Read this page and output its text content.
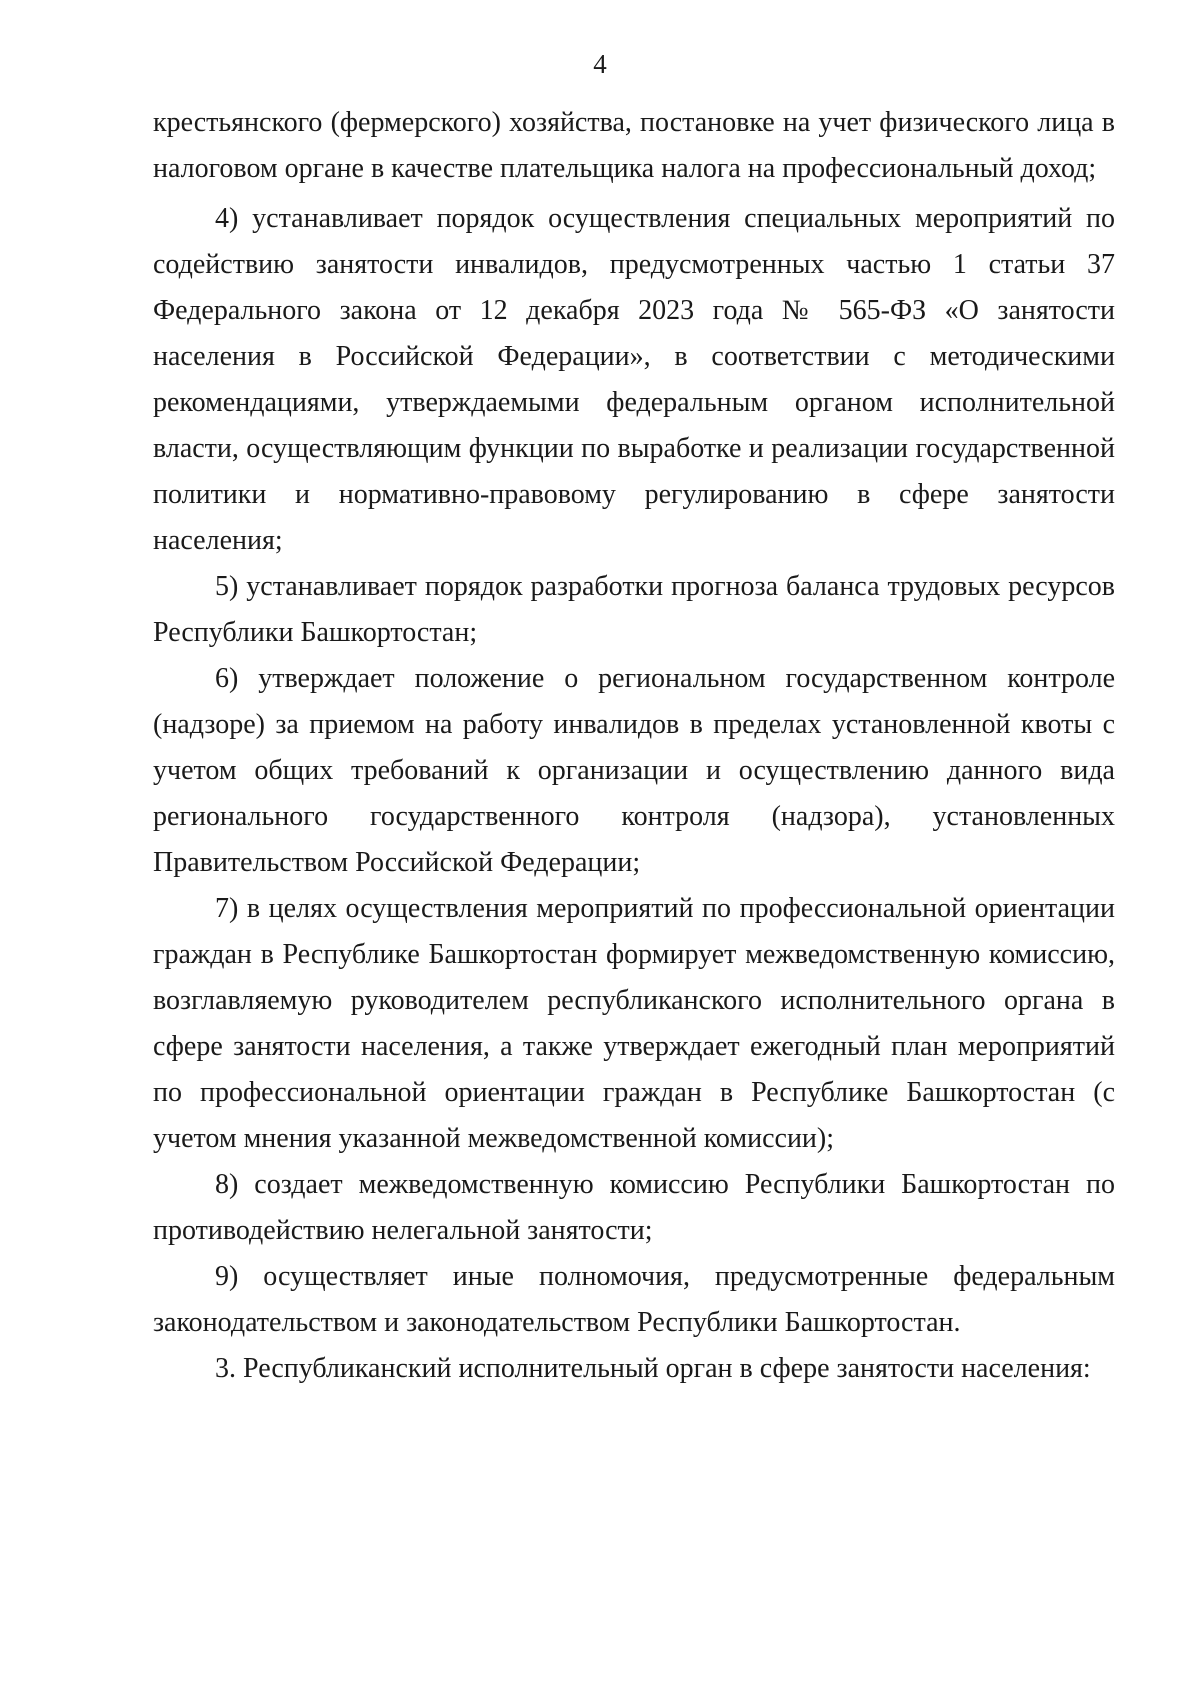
4

крестьянского (фермерского) хозяйства, постановке на учет физического лица в налоговом органе в качестве плательщика налога на профессиональный доход;

4) устанавливает порядок осуществления специальных мероприятий по содействию занятости инвалидов, предусмотренных частью 1 статьи 37 Федерального закона от 12 декабря 2023 года № 565-ФЗ «О занятости населения в Российской Федерации», в соответствии с методическими рекомендациями, утверждаемыми федеральным органом исполнительной власти, осуществляющим функции по выработке и реализации государственной политики и нормативно-правовому регулированию в сфере занятости населения;

5) устанавливает порядок разработки прогноза баланса трудовых ресурсов Республики Башкортостан;

6) утверждает положение о региональном государственном контроле (надзоре) за приемом на работу инвалидов в пределах установленной квоты с учетом общих требований к организации и осуществлению данного вида регионального государственного контроля (надзора), установленных Правительством Российской Федерации;

7) в целях осуществления мероприятий по профессиональной ориентации граждан в Республике Башкортостан формирует межведомственную комиссию, возглавляемую руководителем республиканского исполнительного органа в сфере занятости населения, а также утверждает ежегодный план мероприятий по профессиональной ориентации граждан в Республике Башкортостан (с учетом мнения указанной межведомственной комиссии);

8) создает межведомственную комиссию Республики Башкортостан по противодействию нелегальной занятости;

9) осуществляет иные полномочия, предусмотренные федеральным законодательством и законодательством Республики Башкортостан.

3. Республиканский исполнительный орган в сфере занятости населения:
